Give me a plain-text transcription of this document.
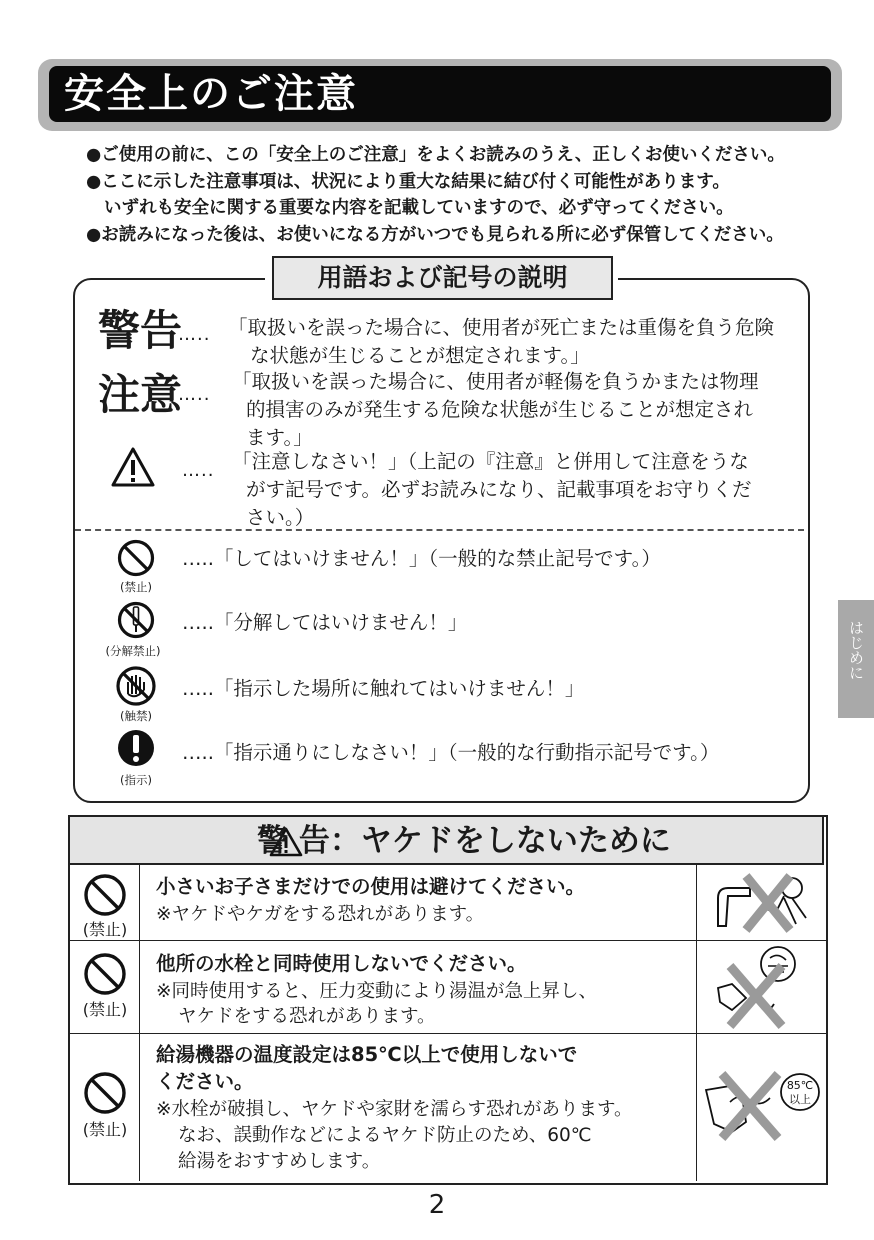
安全上のご注意
●ご使用の前に、この「安全上のご注意」をよくお読みのうえ、正しくお使いください。
●ここに示した注意事項は、状況により重大な結果に結び付く可能性があります。
いずれも安全に関する重要な内容を記載していますので、必ず守ってください。
●お読みになった後は、お使いになる方がいつでも見られる所に必ず保管してください。
用語および記号の説明
警告
….. 「取扱いを誤った場合に、使用者が死亡または重傷を負う危険
な状態が生じることが想定されます。」
注意
…..
「取扱いを誤った場合に、使用者が軽傷を負うかまたは物理
的損害のみが発生する危険な状態が生じることが想定され
ます。」
….. 「注意しなさい！」（上記の『注意』と併用して注意をうな
がす記号です。必ずお読みになり、記載事項をお守りくだ
さい。）
(禁止)
…..「してはいけません！」（一般的な禁止記号です。）
(分解禁止)
…..「分解してはいけません！」
(触禁)
…..「指示した場所に触れてはいけません！」
(指示)
…..「指示通りにしなさい！」（一般的な行動指示記号です。）
警 告：ヤケドをしないために
(禁止)
小さいお子さまだけでの使用は避けてください。
※ヤケドやケガをする恐れがあります。
(禁止)
他所の水栓と同時使用しないでください。
※同時使用すると、圧力変動により湯温が急上昇し、
ヤケドをする恐れがあります。
(禁止)
給湯機器の温度設定は85℃以上で使用しないで
ください。
※水栓が破損し、ヤケドや家財を濡らす恐れがあります。
なお、誤動作などによるヤケド防止のため、60℃
給湯をおすすめします。
85℃
以上
2
はじめに
